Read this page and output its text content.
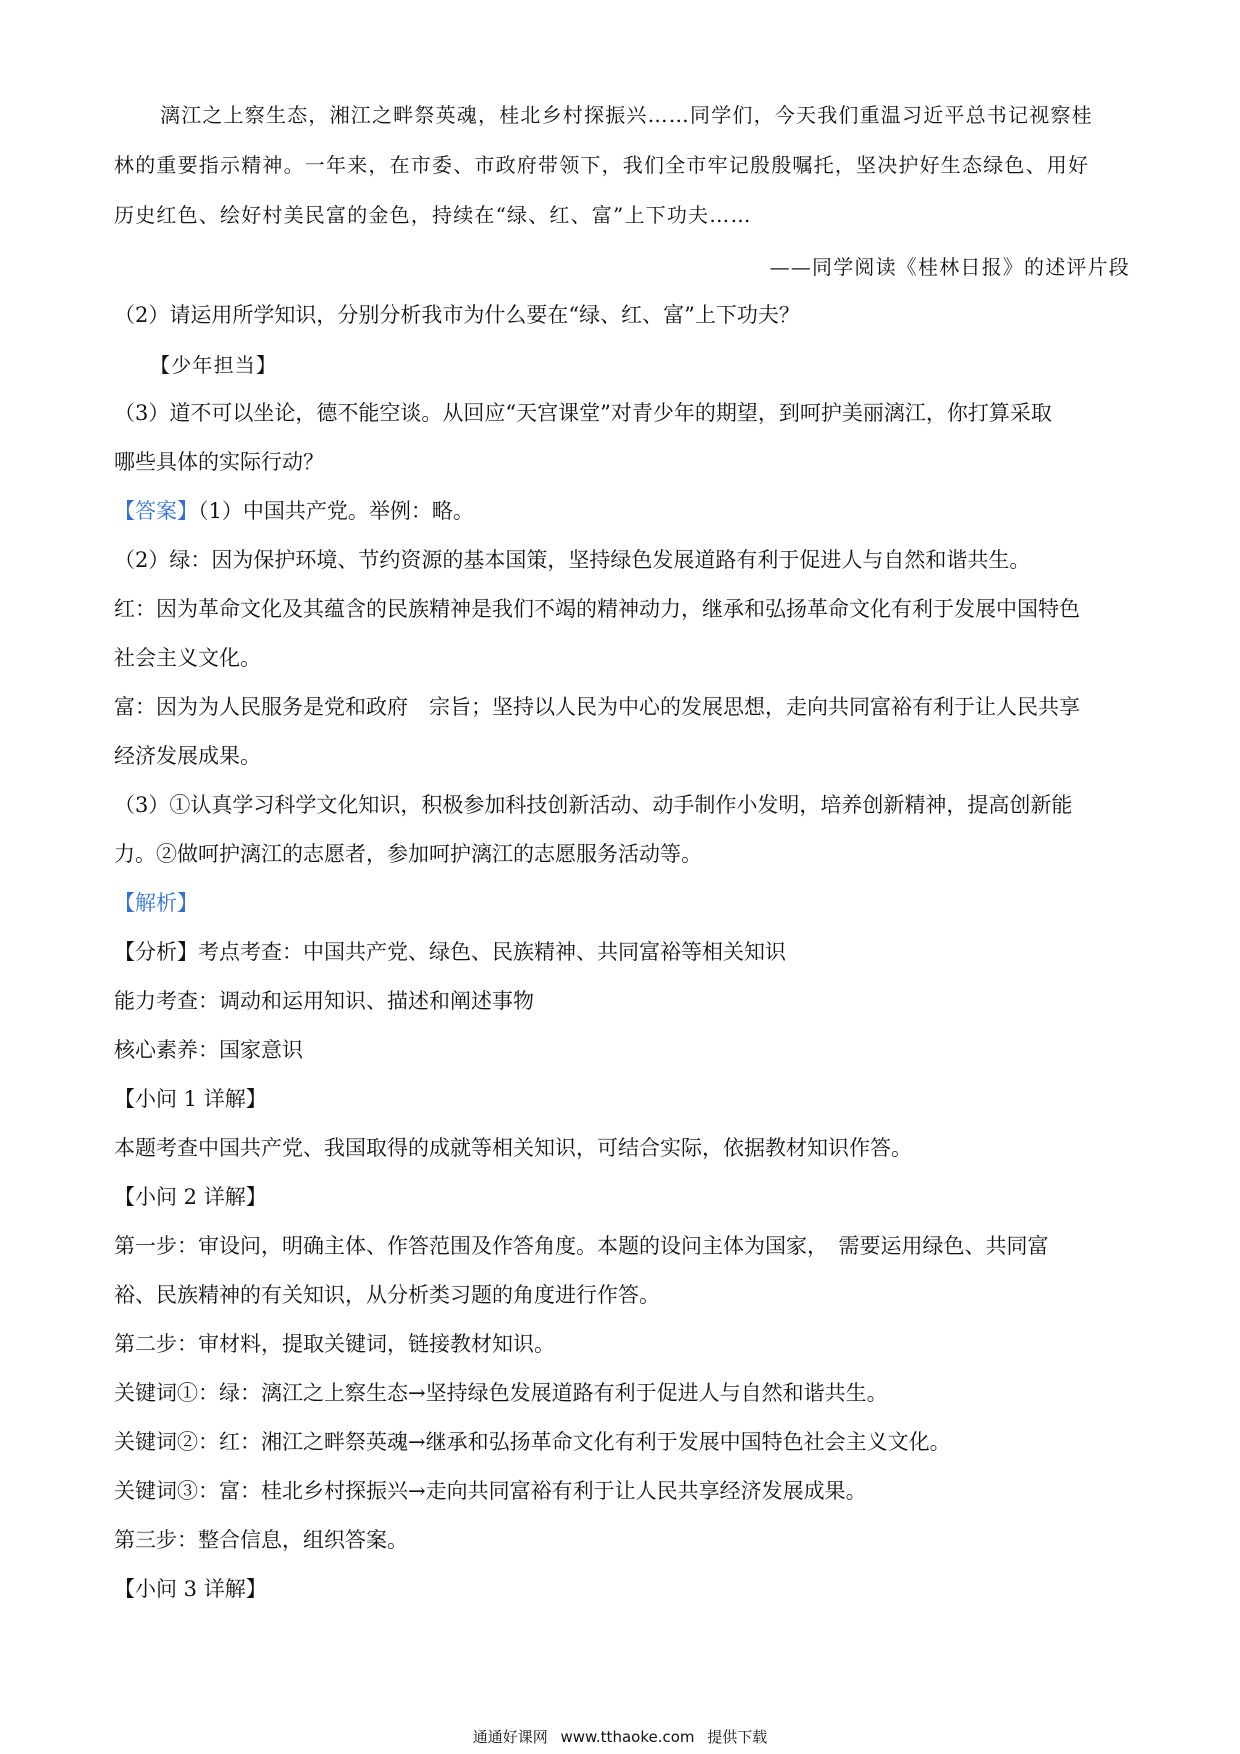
漓江之上察生态，湘江之畔祭英魂，桂北乡村探振兴……同学们，今天我们重温习近平总书记视察桂
林的重要指示精神。一年来，在市委、市政府带领下，我们全市牢记殷殷嘱托，坚决护好生态绿色、用好
历史红色、绘好村美民富的金色，持续在“绿、红、富”上下功夫……
——同学阅读《桂林日报》的述评片段
（2）请运用所学知识，分别分析我市为什么要在“绿、红、富”上下功夫？
【少年担当】
（3）道不可以坐论，德不能空谈。从回应“天宫课堂”对青少年的期望，到呵护美丽漓江，你打算采取
哪些具体的实际行动？
【答案】（1）中国共产党。举例：略。
（2）绿：因为保护环境、节约资源的基本国策，坚持绿色发展道路有利于促进人与自然和谐共生。
红：因为革命文化及其蕴含的民族精神是我们不竭的精神动力，继承和弘扬革命文化有利于发展中国特色
社会主义文化。
富：因为为人民服务是党和政府　宗旨；坚持以人民为中心的发展思想，走向共同富裕有利于让人民共享
经济发展成果。
（3）①认真学习科学文化知识，积极参加科技创新活动、动手制作小发明，培养创新精神，提高创新能
力。②做呵护漓江的志愿者，参加呵护漓江的志愿服务活动等。
【解析】
【分析】考点考查：中国共产党、绿色、民族精神、共同富裕等相关知识
能力考查：调动和运用知识、描述和阐述事物
核心素养：国家意识
【小问 1 详解】
本题考查中国共产党、我国取得的成就等相关知识，可结合实际，依据教材知识作答。
【小问 2 详解】
第一步：审设问，明确主体、作答范围及作答角度。本题的设问主体为国家，　需要运用绿色、共同富
裕、民族精神的有关知识，从分析类习题的角度进行作答。
第二步：审材料，提取关键词，链接教材知识。
关键词①：绿：漓江之上察生态→坚持绿色发展道路有利于促进人与自然和谐共生。
关键词②：红：湘江之畔祭英魂→继承和弘扬革命文化有利于发展中国特色社会主义文化。
关键词③：富：桂北乡村探振兴→走向共同富裕有利于让人民共享经济发展成果。
第三步：整合信息，组织答案。
【小问 3 详解】
通通好课网 www.tthaoke.com 提供下载
